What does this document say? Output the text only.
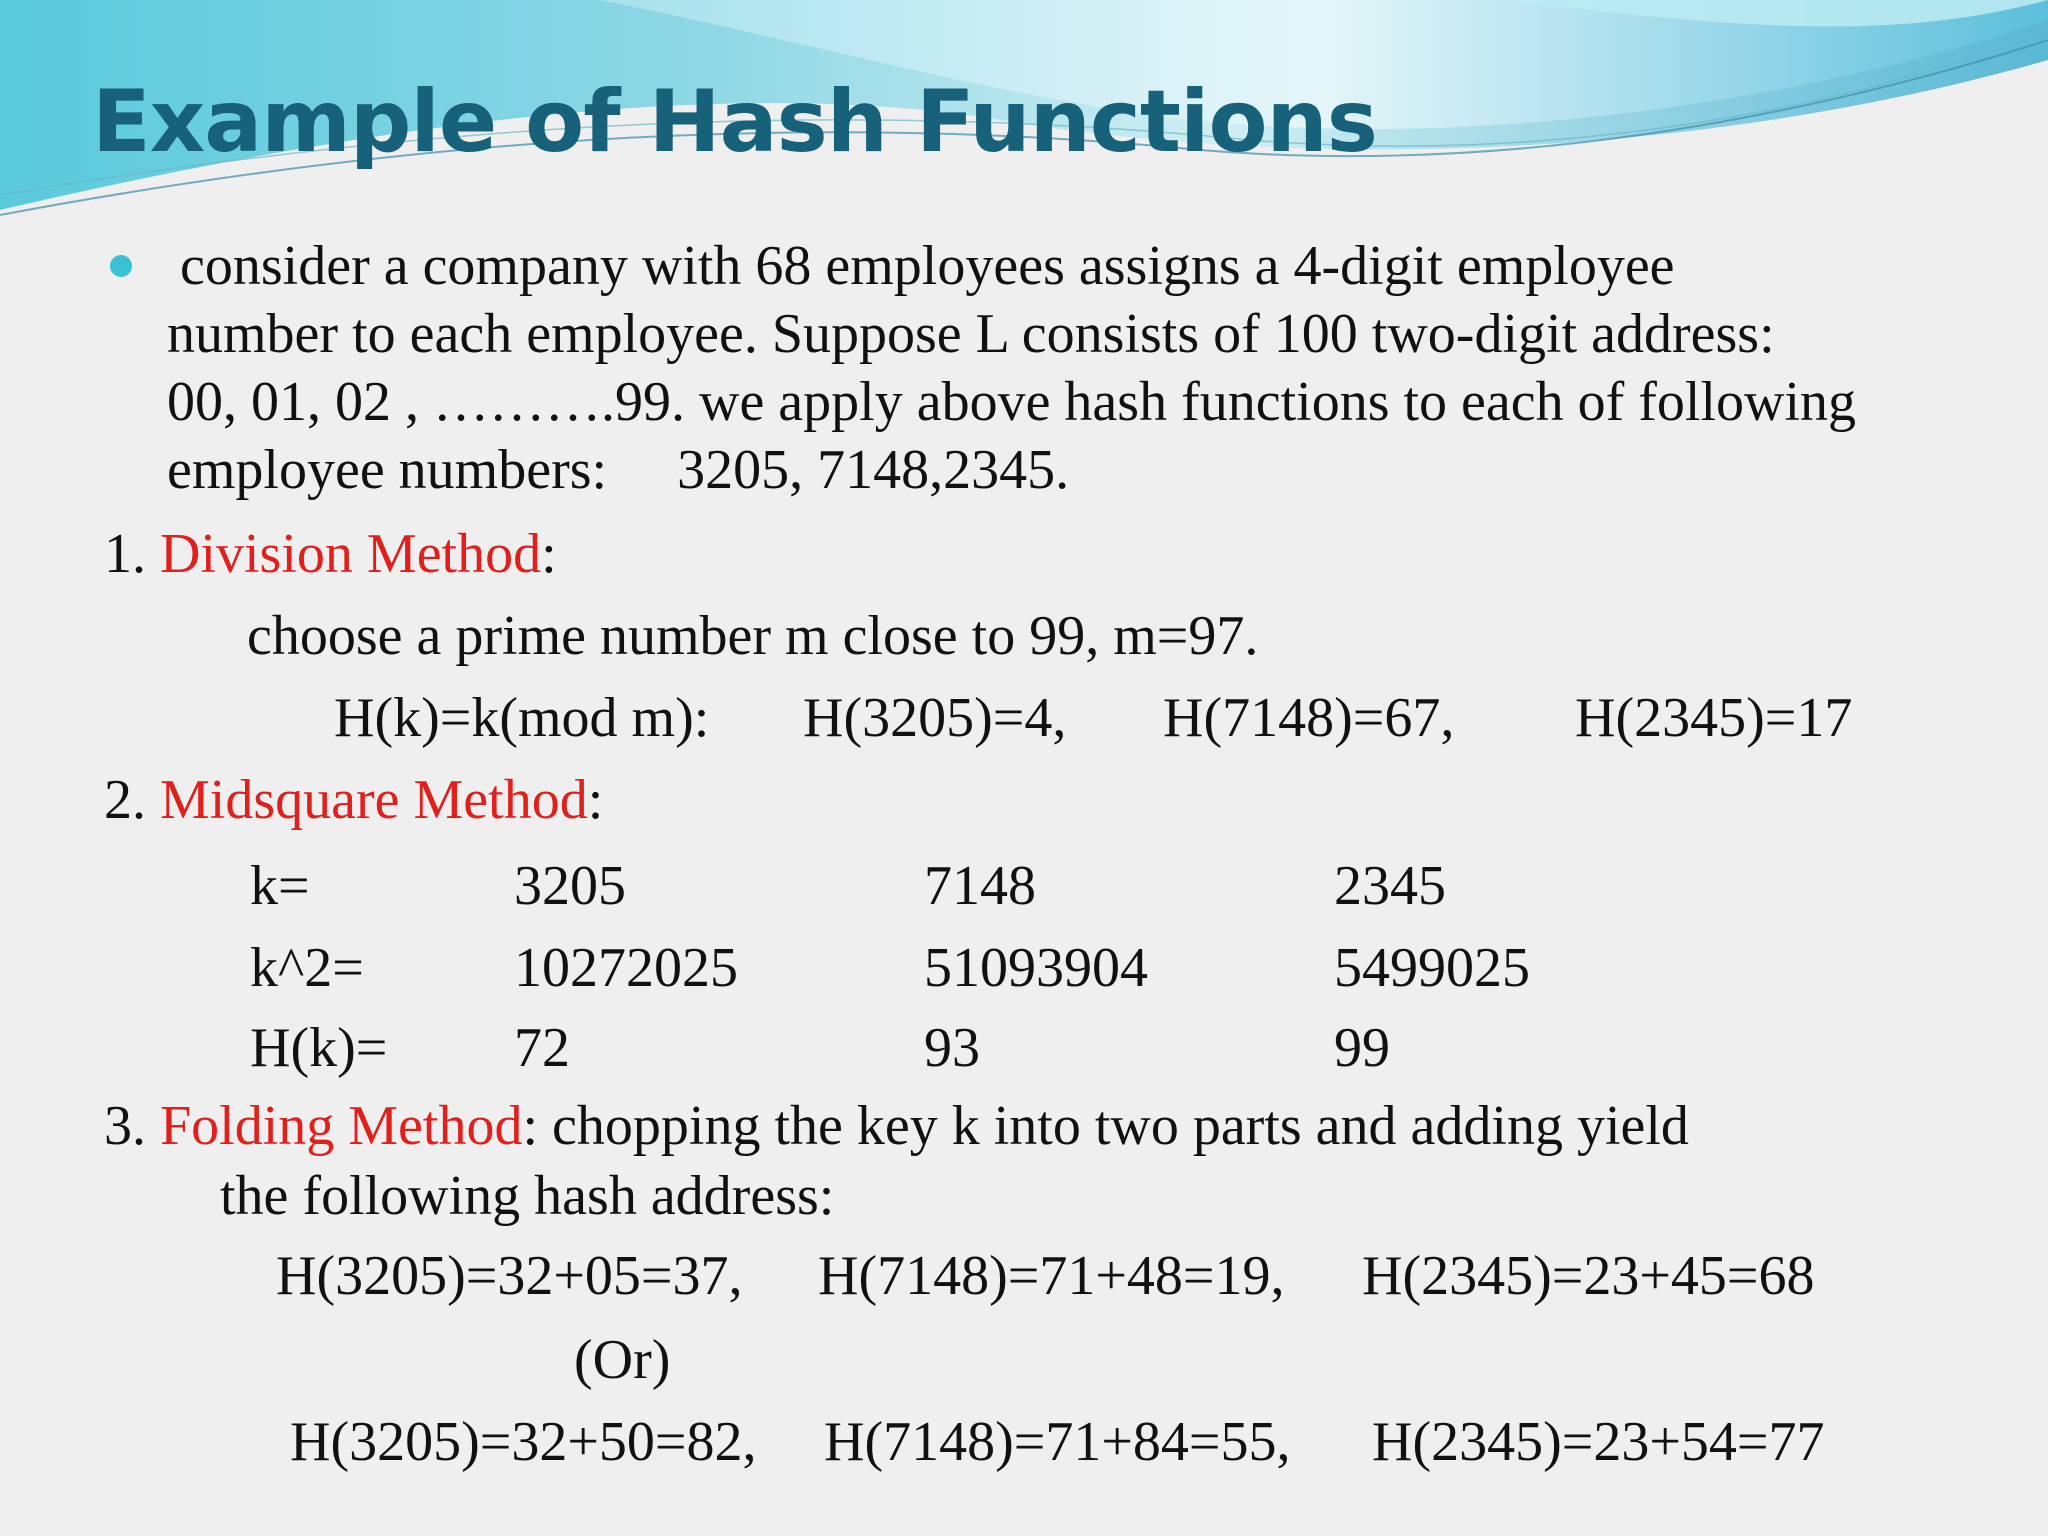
Example of Hash Functions
consider a company with 68 employees assigns a 4-digit employee
number to each employee. Suppose L consists of 100 two-digit address:
00, 01, 02 , ……….99. we apply above hash functions to each of following
employee numbers: 3205, 7148,2345.
1. Division Method:
choose a prime number m close to 99, m=97.
H(k)=k(mod m): H(3205)=4, H(7148)=67, H(2345)=17
2. Midsquare Method:
k=	3205	7148	2345
k^2=	10272025	51093904	5499025
H(k)= 72	93	99
3. Folding Method: chopping the key k into two parts and adding yield
the following hash address:
H(3205)=32+05=37, H(7148)=71+48=19, H(2345)=23+45=68
(Or)
H(3205)=32+50=82, H(7148)=71+84=55, H(2345)=23+54=77
